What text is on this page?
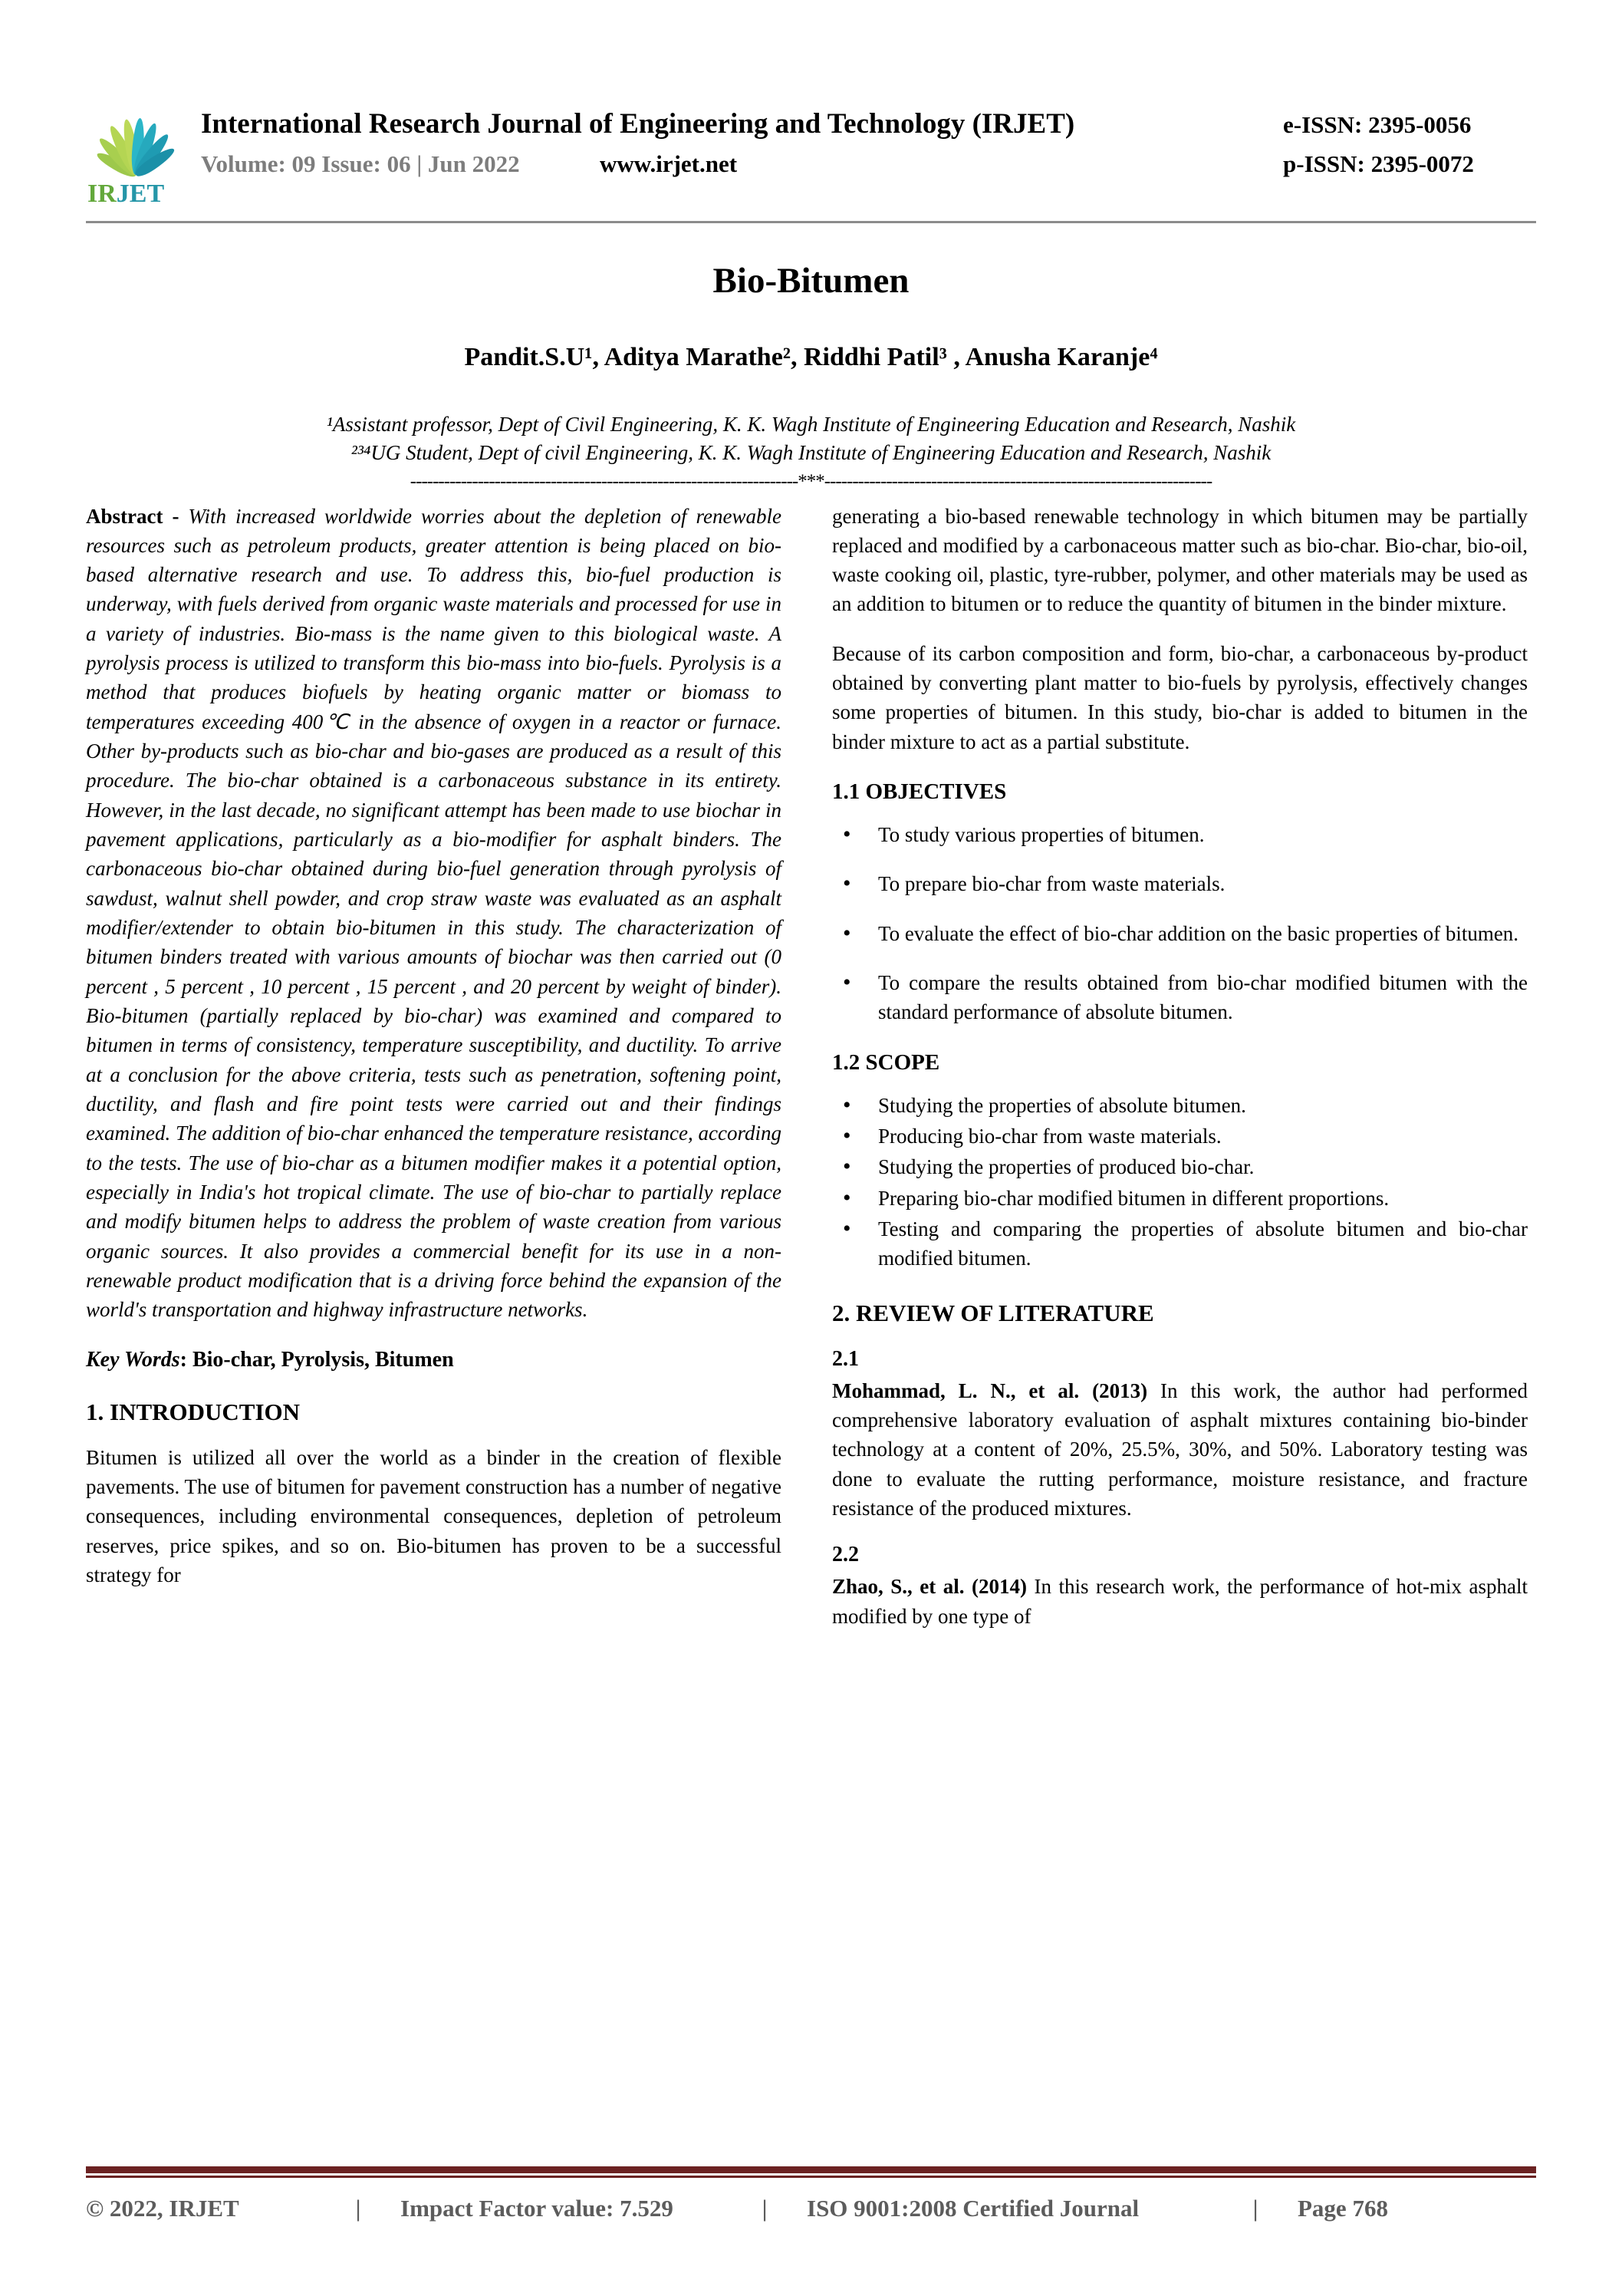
IRJET
International Research Journal of Engineering and Technology (IRJET)	e-ISSN: 2395-0056
Volume: 09 Issue: 06 | Jun 2022	www.irjet.net	p-ISSN: 2395-0072
Bio-Bitumen
Pandit.S.U¹, Aditya Marathe², Riddhi Patil³ , Anusha Karanje⁴
¹Assistant professor, Dept of Civil Engineering, K. K. Wagh Institute of Engineering Education and Research, Nashik
²³⁴UG Student, Dept of civil Engineering, K. K. Wagh Institute of Engineering Education and Research, Nashik
---------------------------------------------------------------------***---------------------------------------------------------------------

Abstract - With increased worldwide worries about the depletion of renewable resources such as petroleum products, greater attention is being placed on bio-based alternative research and use. To address this, bio-fuel production is underway, with fuels derived from organic waste materials and processed for use in a variety of industries. Bio-mass is the name given to this biological waste. A pyrolysis process is utilized to transform this bio-mass into bio-fuels. Pyrolysis is a method that produces biofuels by heating organic matter or biomass to temperatures exceeding 400℃ in the absence of oxygen in a reactor or furnace. Other by-products such as bio-char and bio-gases are produced as a result of this procedure. The bio-char obtained is a carbonaceous substance in its entirety. However, in the last decade, no significant attempt has been made to use biochar in pavement applications, particularly as a bio-modifier for asphalt binders. The carbonaceous bio-char obtained during bio-fuel generation through pyrolysis of sawdust, walnut shell powder, and crop straw waste was evaluated as an asphalt modifier/extender to obtain bio-bitumen in this study. The characterization of bitumen binders treated with various amounts of biochar was then carried out (0 percent , 5 percent , 10 percent , 15 percent , and 20 percent by weight of binder). Bio-bitumen (partially replaced by bio-char) was examined and compared to bitumen in terms of consistency, temperature susceptibility, and ductility. To arrive at a conclusion for the above criteria, tests such as penetration, softening point, ductility, and flash and fire point tests were carried out and their findings examined. The addition of bio-char enhanced the temperature resistance, according to the tests. The use of bio-char as a bitumen modifier makes it a potential option, especially in India's hot tropical climate. The use of bio-char to partially replace and modify bitumen helps to address the problem of waste creation from various organic sources. It also provides a commercial benefit for its use in a non-renewable product modification that is a driving force behind the expansion of the world's transportation and highway infrastructure networks.

Key Words: Bio-char, Pyrolysis, Bitumen
1. INTRODUCTION

Bitumen is utilized all over the world as a binder in the creation of flexible pavements. The use of bitumen for pavement construction has a number of negative consequences, including environmental consequences, depletion of petroleum reserves, price spikes, and so on. Bio-bitumen has proven to be a successful strategy for

generating a bio-based renewable technology in which bitumen may be partially replaced and modified by a carbonaceous matter such as bio-char. Bio-char, bio-oil, waste cooking oil, plastic, tyre-rubber, polymer, and other materials may be used as an addition to bitumen or to reduce the quantity of bitumen in the binder mixture.

Because of its carbon composition and form, bio-char, a carbonaceous by-product obtained by converting plant matter to bio-fuels by pyrolysis, effectively changes some properties of bitumen. In this study, bio-char is added to bitumen in the binder mixture to act as a partial substitute.

1.1 OBJECTIVES
• To study various properties of bitumen.
• To prepare bio-char from waste materials.
• To evaluate the effect of bio-char addition on the basic properties of bitumen.
• To compare the results obtained from bio-char modified bitumen with the standard performance of absolute bitumen.
1.2 SCOPE
• Studying the properties of absolute bitumen.
• Producing bio-char from waste materials.
• Studying the properties of produced bio-char.
• Preparing bio-char modified bitumen in different proportions.
• Testing and comparing the properties of absolute bitumen and bio-char modified bitumen.
2. REVIEW OF LITERATURE
2.1

Mohammad, L. N., et al. (2013) In this work, the author had performed comprehensive laboratory evaluation of asphalt mixtures containing bio-binder technology at a content of 20%, 25.5%, 30%, and 50%. Laboratory testing was done to evaluate the rutting performance, moisture resistance, and fracture resistance of the produced mixtures.

2.2

Zhao, S., et al. (2014) In this research work, the performance of hot-mix asphalt modified by one type of

© 2022, IRJET	|	Impact Factor value: 7.529	|	ISO 9001:2008 Certified Journal	|	Page 768
